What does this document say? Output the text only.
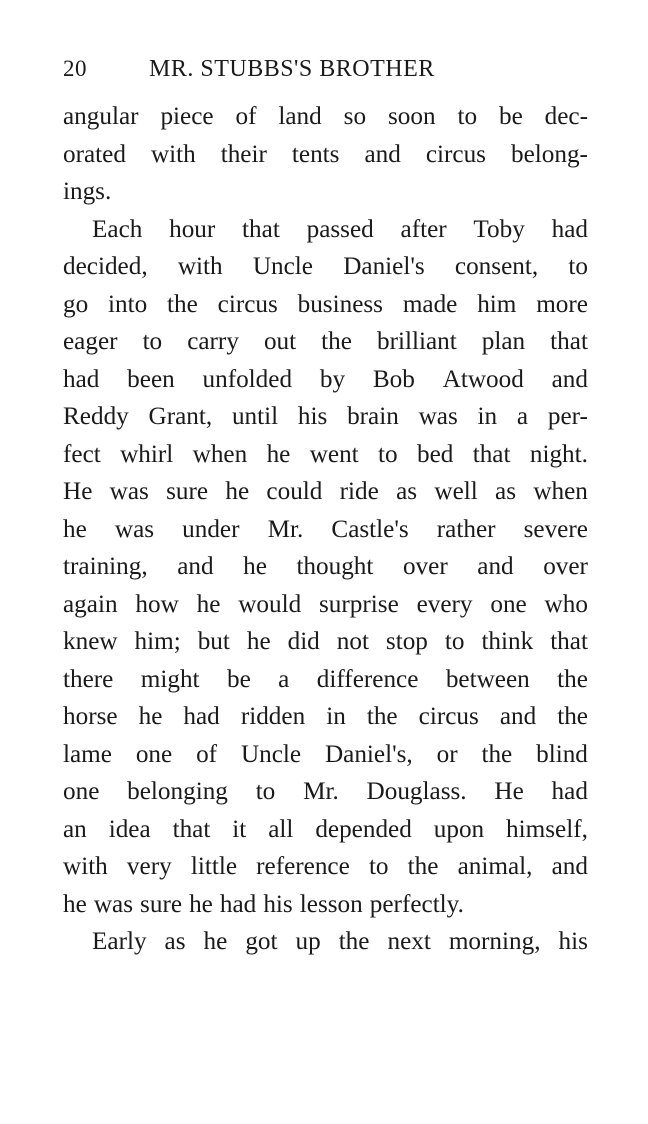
20	MR. STUBBS'S BROTHER
angular piece of land so soon to be dec-
orated with their tents and circus belong-
ings.
Each hour that passed after Toby had
decided, with Uncle Daniel's consent, to
go into the circus business made him more
eager to carry out the brilliant plan that
had been unfolded by Bob Atwood and
Reddy Grant, until his brain was in a per-
fect whirl when he went to bed that night.
He was sure he could ride as well as when
he was under Mr. Castle's rather severe
training, and he thought over and over
again how he would surprise every one who
knew him; but he did not stop to think that
there might be a difference between the
horse he had ridden in the circus and the
lame one of Uncle Daniel's, or the blind
one belonging to Mr. Douglass. He had
an idea that it all depended upon himself,
with very little reference to the animal, and
he was sure he had his lesson perfectly.
Early as he got up the next morning, his
